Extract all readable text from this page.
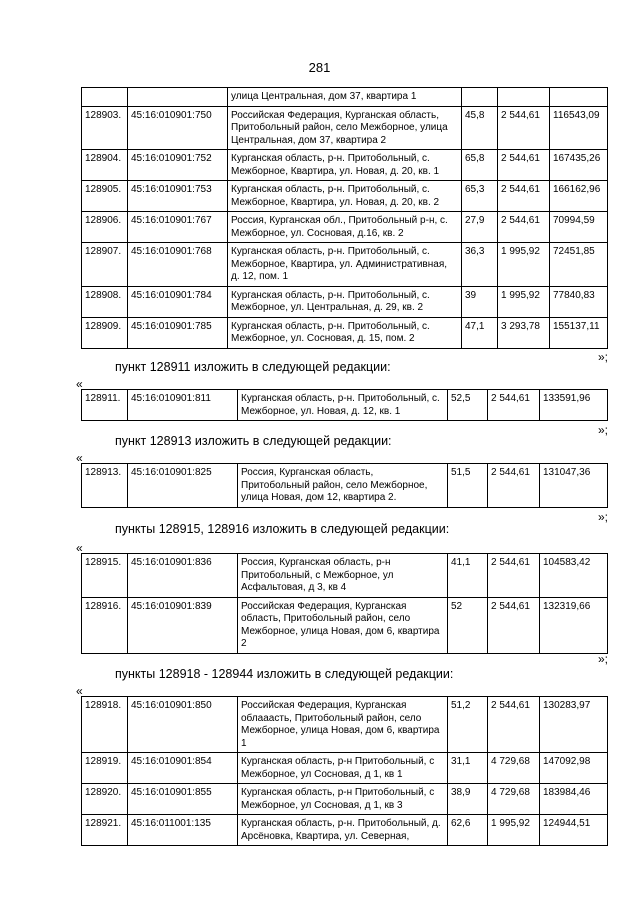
281
		улица Центральная, дом 37, квартира 1			
128903.	45:16:010901:750	Российская Федерация, Курганская область, Притобольный район, село Межборное, улица Центральная, дом 37, квартира 2	45,8	2 544,61	116543,09
128904.	45:16:010901:752	Курганская область, р-н. Притобольный, с. Межборное, Квартира, ул. Новая, д. 20, кв. 1	65,8	2 544,61	167435,26
128905.	45:16:010901:753	Курганская область, р-н. Притобольный, с. Межборное, Квартира, ул. Новая, д. 20, кв. 2	65,3	2 544,61	166162,96
128906.	45:16:010901:767	Россия, Курганская обл., Притобольный р-н, с. Межборное, ул. Сосновая, д.16, кв. 2	27,9	2 544,61	70994,59
128907.	45:16:010901:768	Курганская область, р-н. Притобольный, с. Межборное, Квартира, ул. Административная, д. 12, пом. 1	36,3	1 995,92	72451,85
128908.	45:16:010901:784	Курганская область, р-н. Притобольный, с. Межборное, ул. Центральная, д. 29, кв. 2	39	1 995,92	77840,83
128909.	45:16:010901:785	Курганская область, р-н. Притобольный, с. Межборное, ул. Сосновая, д. 15, пом. 2	47,1	3 293,78	155137,11
»;
пункт 128911 изложить в следующей редакции:
«
128911.	45:16:010901:811	Курганская область, р-н. Притобольный, с. Межборное, ул. Новая, д. 12, кв. 1	52,5	2 544,61	133591,96
»;
пункт 128913 изложить в следующей редакции:
«
128913.	45:16:010901:825	Россия, Курганская область, Притобольный район, село Межборное, улица Новая, дом 12, квартира 2.	51,5	2 544,61	131047,36
»;
пункты 128915, 128916 изложить в следующей редакции:
«
128915.	45:16:010901:836	Россия, Курганская область, р-н Притобольный, с Межборное, ул Асфальтовая, д 3, кв 4	41,1	2 544,61	104583,42
128916.	45:16:010901:839	Российская Федерация, Курганская область, Притобольный район, село Межборное, улица Новая, дом 6, квартира 2	52	2 544,61	132319,66
»;
пункты 128918 - 128944 изложить в следующей редакции:
«
128918.	45:16:010901:850	Российская Федерация, Курганская облааасть, Притобольный район, село Межборное, улица Новая, дом 6, квартира 1	51,2	2 544,61	130283,97
128919.	45:16:010901:854	Курганская область, р-н Притобольный, с Межборное, ул Сосновая, д 1, кв 1	31,1	4 729,68	147092,98
128920.	45:16:010901:855	Курганская область, р-н Притобольный, с Межборное, ул Сосновая, д 1, кв 3	38,9	4 729,68	183984,46
128921.	45:16:011001:135	Курганская область, р-н. Притобольный, д. Арсёновка, Квартира, ул. Северная,	62,6	1 995,92	124944,51
